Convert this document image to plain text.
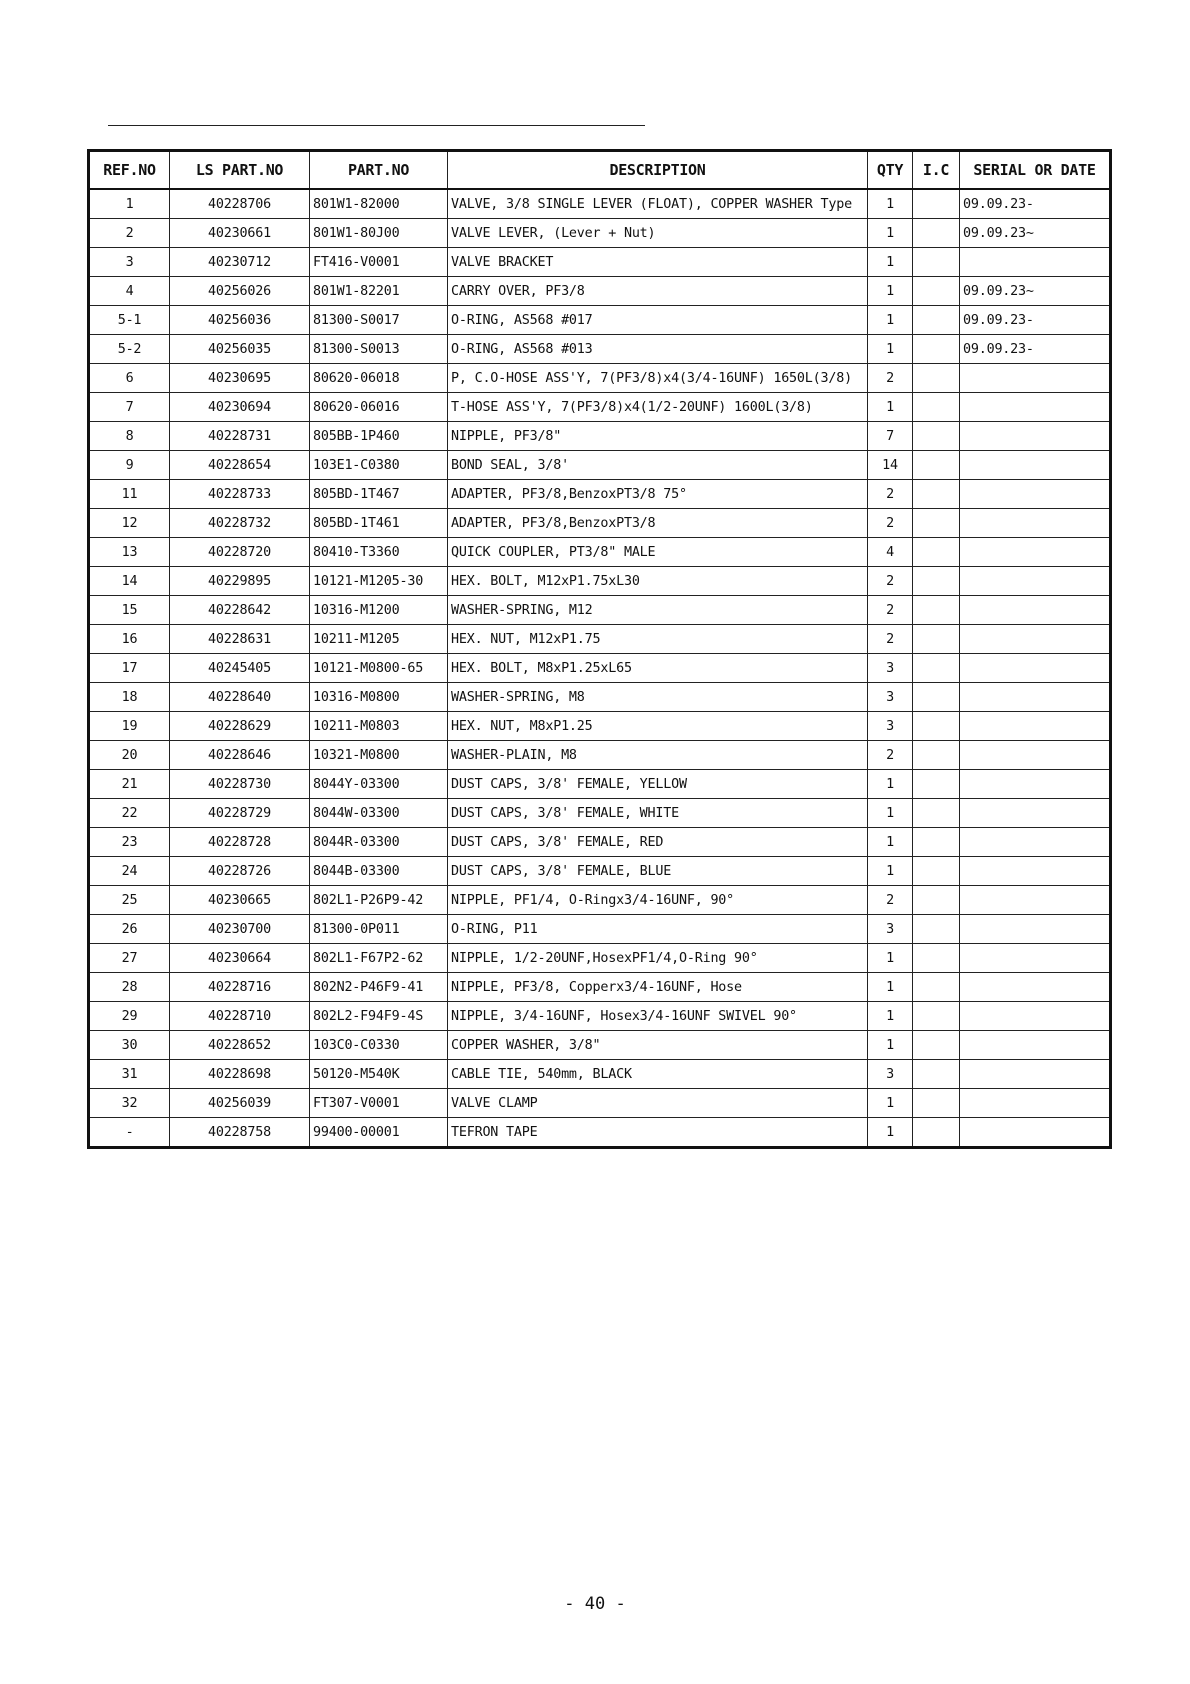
REF.NO	LS PART.NO	PART.NO	DESCRIPTION	QTY	I.C	SERIAL OR DATE
1	40228706	801W1-82000	VALVE, 3/8 SINGLE LEVER (FLOAT), COPPER WASHER Type	1		09.09.23-
2	40230661	801W1-80J00	VALVE LEVER, (Lever + Nut)	1		09.09.23~
3	40230712	FT416-V0001	VALVE BRACKET	1		
4	40256026	801W1-82201	CARRY OVER, PF3/8	1		09.09.23~
5-1	40256036	81300-S0017	O-RING, AS568 #017	1		09.09.23-
5-2	40256035	81300-S0013	O-RING, AS568 #013	1		09.09.23-
6	40230695	80620-06018	P, C.O-HOSE ASS'Y, 7(PF3/8)x4(3/4-16UNF) 1650L(3/8)	2		
7	40230694	80620-06016	T-HOSE ASS'Y, 7(PF3/8)x4(1/2-20UNF) 1600L(3/8)	1		
8	40228731	805BB-1P460	NIPPLE, PF3/8"	7		
9	40228654	103E1-C0380	BOND SEAL, 3/8'	14		
11	40228733	805BD-1T467	ADAPTER, PF3/8,BenzoxPT3/8 75°	2		
12	40228732	805BD-1T461	ADAPTER, PF3/8,BenzoxPT3/8	2		
13	40228720	80410-T3360	QUICK COUPLER, PT3/8" MALE	4		
14	40229895	10121-M1205-30	HEX. BOLT, M12xP1.75xL30	2		
15	40228642	10316-M1200	WASHER-SPRING, M12	2		
16	40228631	10211-M1205	HEX. NUT, M12xP1.75	2		
17	40245405	10121-M0800-65	HEX. BOLT, M8xP1.25xL65	3		
18	40228640	10316-M0800	WASHER-SPRING, M8	3		
19	40228629	10211-M0803	HEX. NUT, M8xP1.25	3		
20	40228646	10321-M0800	WASHER-PLAIN, M8	2		
21	40228730	8044Y-03300	DUST CAPS, 3/8' FEMALE, YELLOW	1		
22	40228729	8044W-03300	DUST CAPS, 3/8' FEMALE, WHITE	1		
23	40228728	8044R-03300	DUST CAPS, 3/8' FEMALE, RED	1		
24	40228726	8044B-03300	DUST CAPS, 3/8' FEMALE, BLUE	1		
25	40230665	802L1-P26P9-42	NIPPLE, PF1/4, O-Ringx3/4-16UNF, 90°	2		
26	40230700	81300-0P011	O-RING, P11	3		
27	40230664	802L1-F67P2-62	NIPPLE, 1/2-20UNF,HosexPF1/4,O-Ring 90°	1		
28	40228716	802N2-P46F9-41	NIPPLE, PF3/8, Copperx3/4-16UNF, Hose	1		
29	40228710	802L2-F94F9-4S	NIPPLE, 3/4-16UNF, Hosex3/4-16UNF SWIVEL 90°	1		
30	40228652	103C0-C0330	COPPER WASHER, 3/8"	1		
31	40228698	50120-M540K	CABLE TIE, 540mm, BLACK	3		
32	40256039	FT307-V0001	VALVE CLAMP	1		
-	40228758	99400-00001	TEFRON TAPE	1		
- 40 -
